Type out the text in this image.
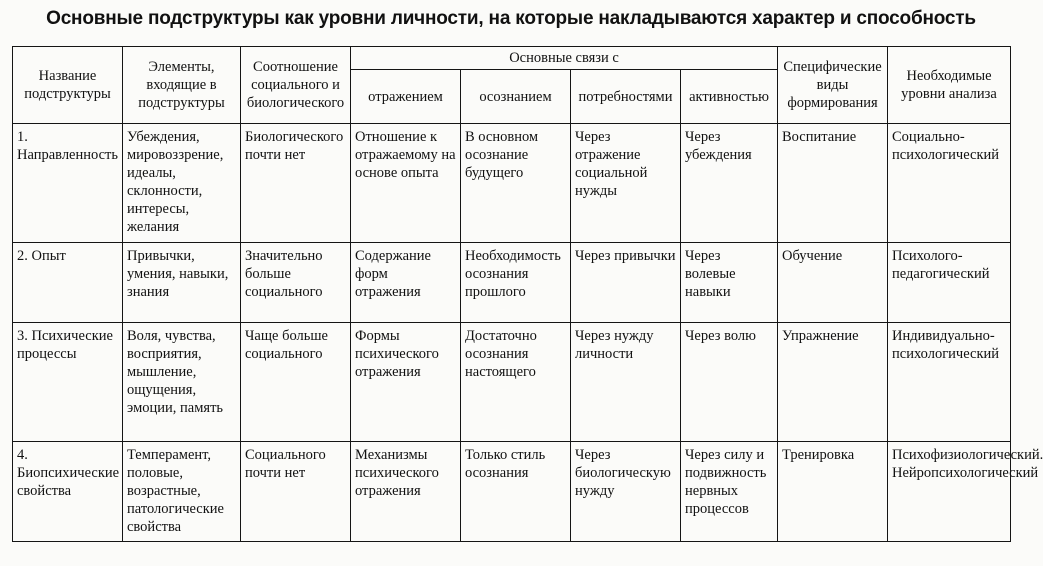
Основные подструктуры как уровни личности, на которые накладываются характер и способность
Название подструктуры	Элементы, входящие в подструктуры	Соотношение социального и биологического	Основные связи с				Специфические виды формирования	Необходимые уровни анализа
			отражением	осознанием	потребностями	активностью		
1. Направленность	Убеждения, мировоззрение, идеалы, склонности, интересы, желания	Биологического почти нет	Отношение к отражаемому на основе опыта	В основном осознание будущего	Через отражение социальной нужды	Через убеждения	Воспитание	Социально-психологический
2. Опыт	Привычки, умения, навыки, знания	Значительно больше социального	Содержание форм отражения	Необходимость осознания прошлого	Через привычки	Через волевые навыки	Обучение	Психолого-педагогический
3. Психические процессы	Воля, чувства, восприятия, мышление, ощущения, эмоции, память	Чаще больше социального	Формы психического отражения	Достаточно осознания настоящего	Через нужду личности	Через волю	Упражнение	Индивидуально-психологический
4. Биопсихические свойства	Темперамент, половые, возрастные, патологические свойства	Социального почти нет	Механизмы психического отражения	Только стиль осознания	Через биологическую нужду	Через силу и подвижность нервных процессов	Тренировка	Психофизиологический. Нейропсихологический
